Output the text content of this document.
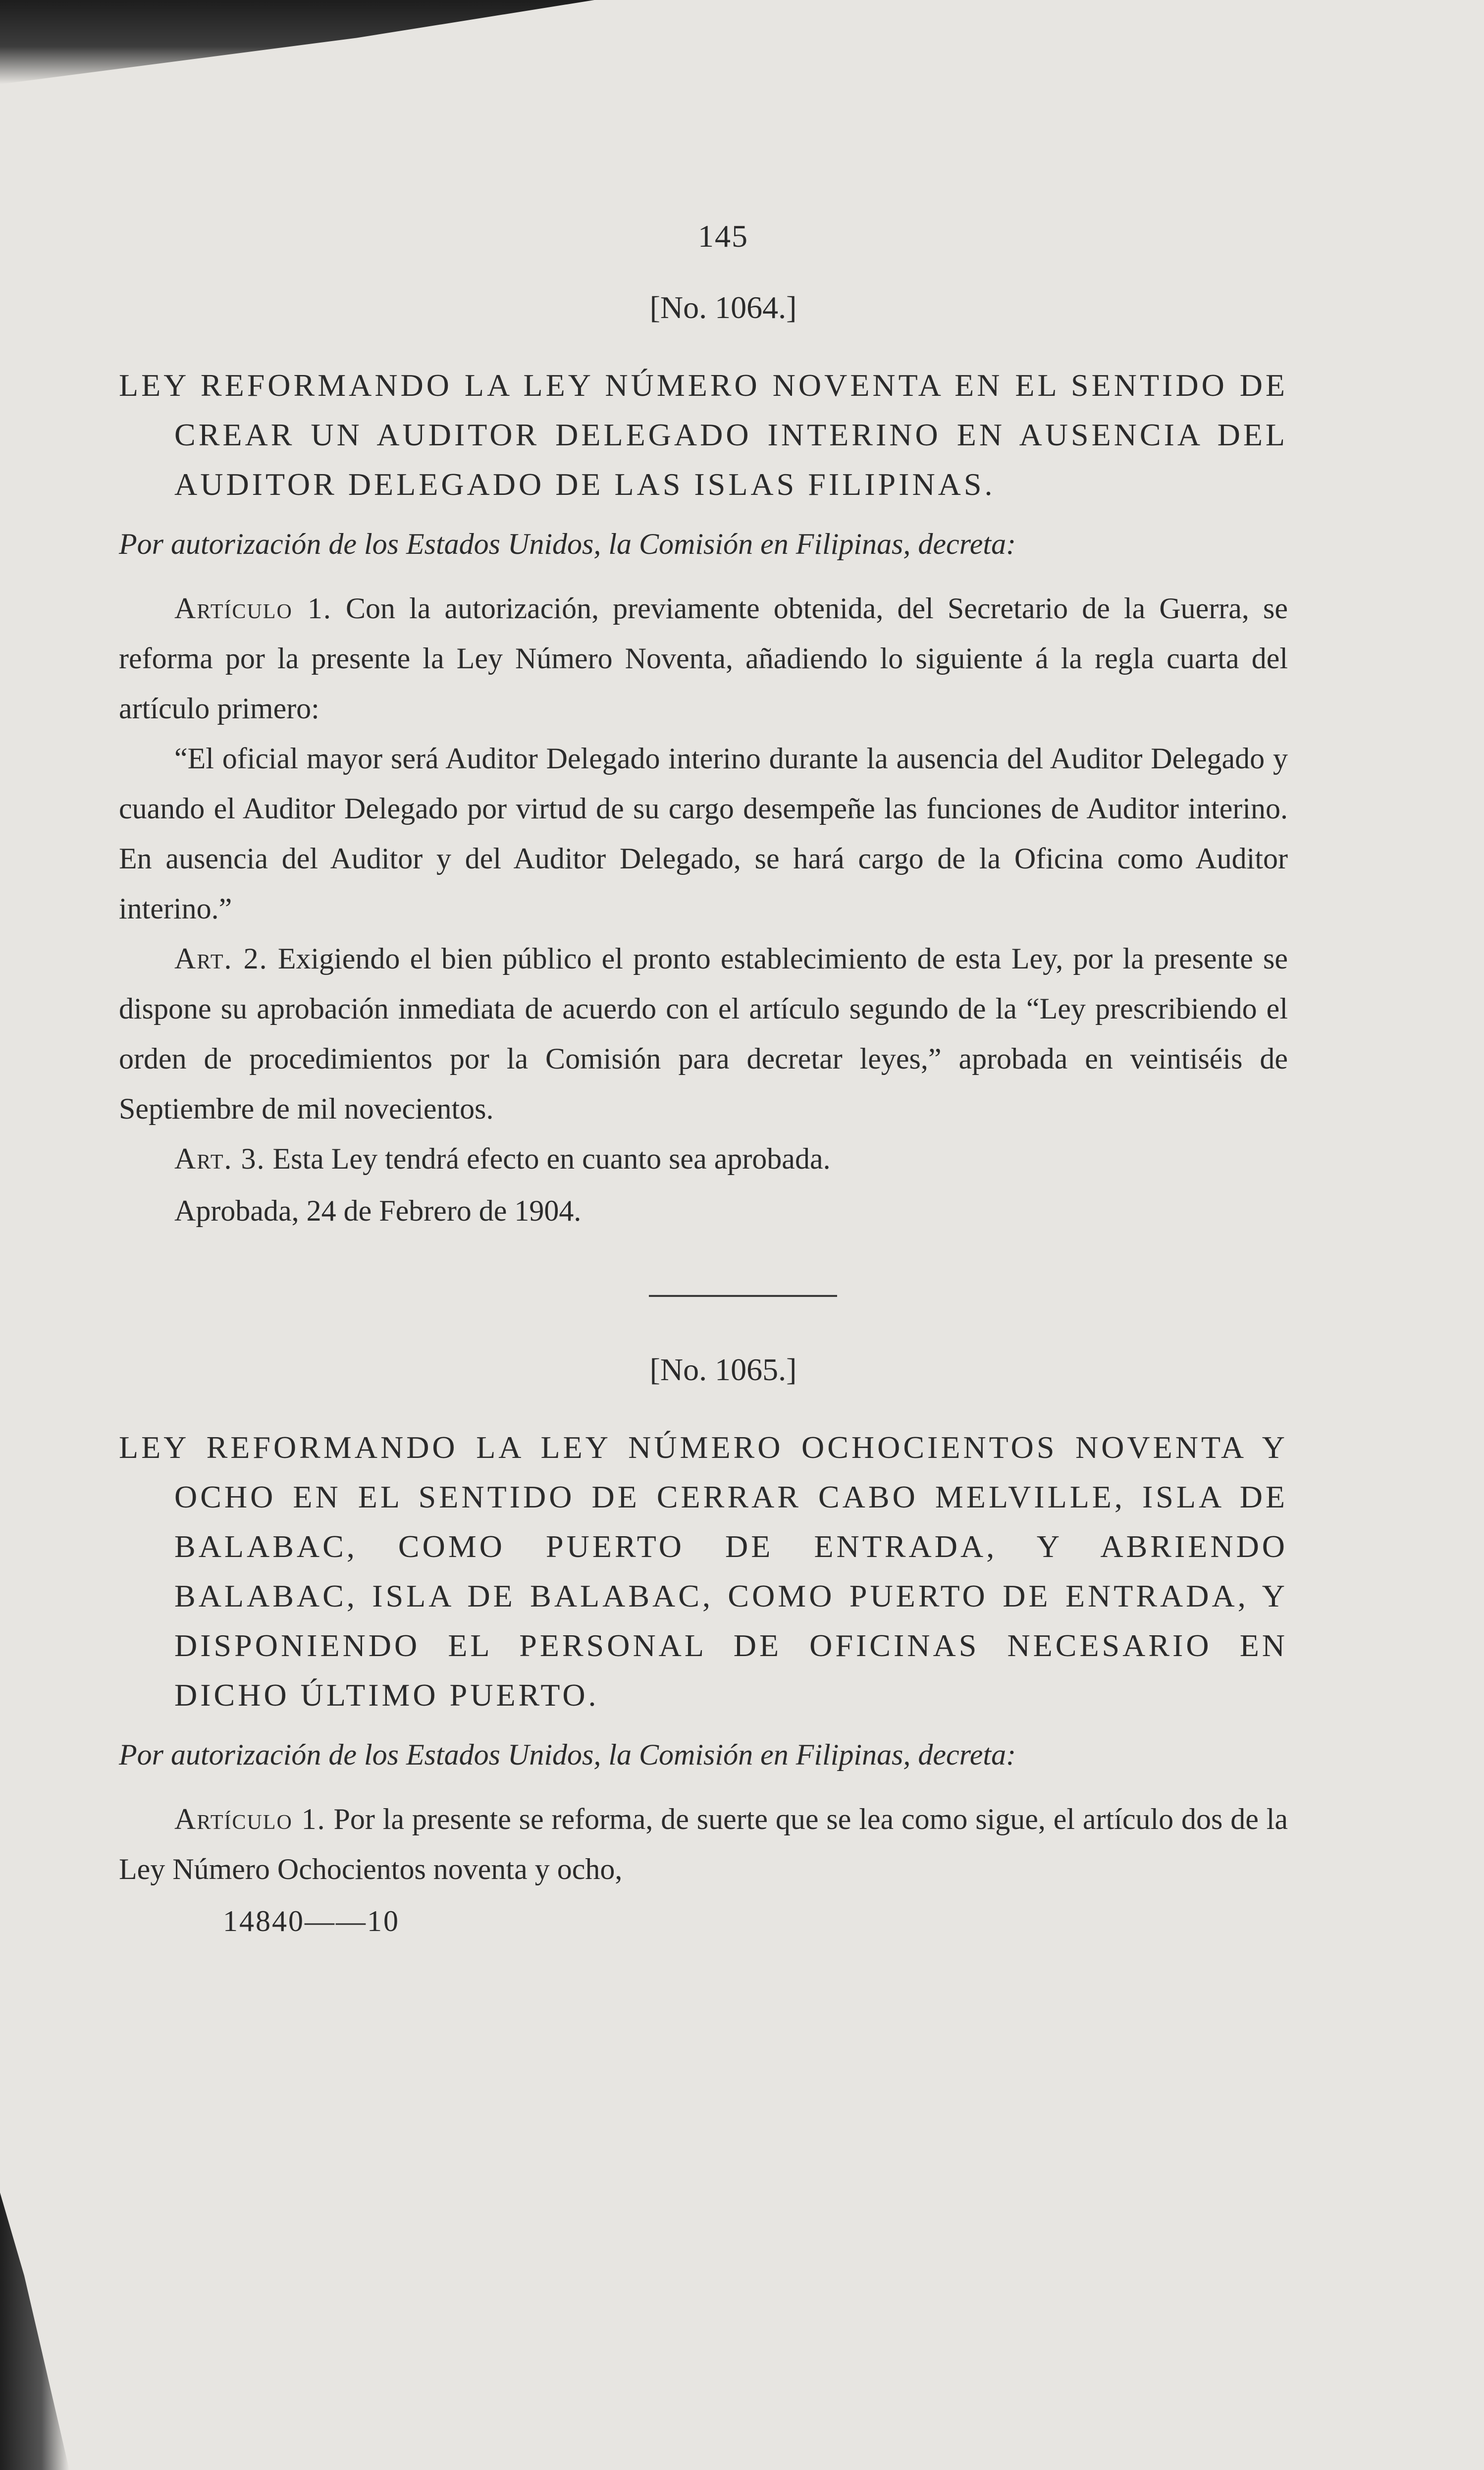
145
[No. 1064.]
LEY REFORMANDO LA LEY NÚMERO NOVENTA EN EL SENTIDO DE CREAR UN AUDITOR DELEGADO INTERINO EN AUSENCIA DEL AUDITOR DELEGADO DE LAS ISLAS FILIPINAS.
Por autorización de los Estados Unidos, la Comisión en Filipinas, decreta:

Artículo 1. Con la autorización, previamente obtenida, del Secretario de la Guerra, se reforma por la presente la Ley Número Noventa, añadiendo lo siguiente á la regla cuarta del artículo primero:

“El oficial mayor será Auditor Delegado interino durante la ausencia del Auditor Delegado y cuando el Auditor Delegado por virtud de su cargo desempeñe las funciones de Auditor interino. En ausencia del Auditor y del Auditor Delegado, se hará cargo de la Oficina como Auditor interino.”

Art. 2. Exigiendo el bien público el pronto establecimiento de esta Ley, por la presente se dispone su aprobación inmediata de acuerdo con el artículo segundo de la “Ley prescribiendo el orden de procedimientos por la Comisión para decretar leyes,” aprobada en veintiséis de Septiembre de mil novecientos.

Art. 3. Esta Ley tendrá efecto en cuanto sea aprobada.

Aprobada, 24 de Febrero de 1904.
[No. 1065.]
LEY REFORMANDO LA LEY NÚMERO OCHOCIENTOS NOVENTA Y OCHO EN EL SENTIDO DE CERRAR CABO MELVILLE, ISLA DE BALABAC, COMO PUERTO DE ENTRADA, Y ABRIENDO BALABAC, ISLA DE BALABAC, COMO PUERTO DE ENTRADA, Y DISPONIENDO EL PERSONAL DE OFICINAS NECESARIO EN DICHO ÚLTIMO PUERTO.
Por autorización de los Estados Unidos, la Comisión en Filipinas, decreta:

Artículo 1. Por la presente se reforma, de suerte que se lea como sigue, el artículo dos de la Ley Número Ochocientos noventa y ocho,

14840——10
